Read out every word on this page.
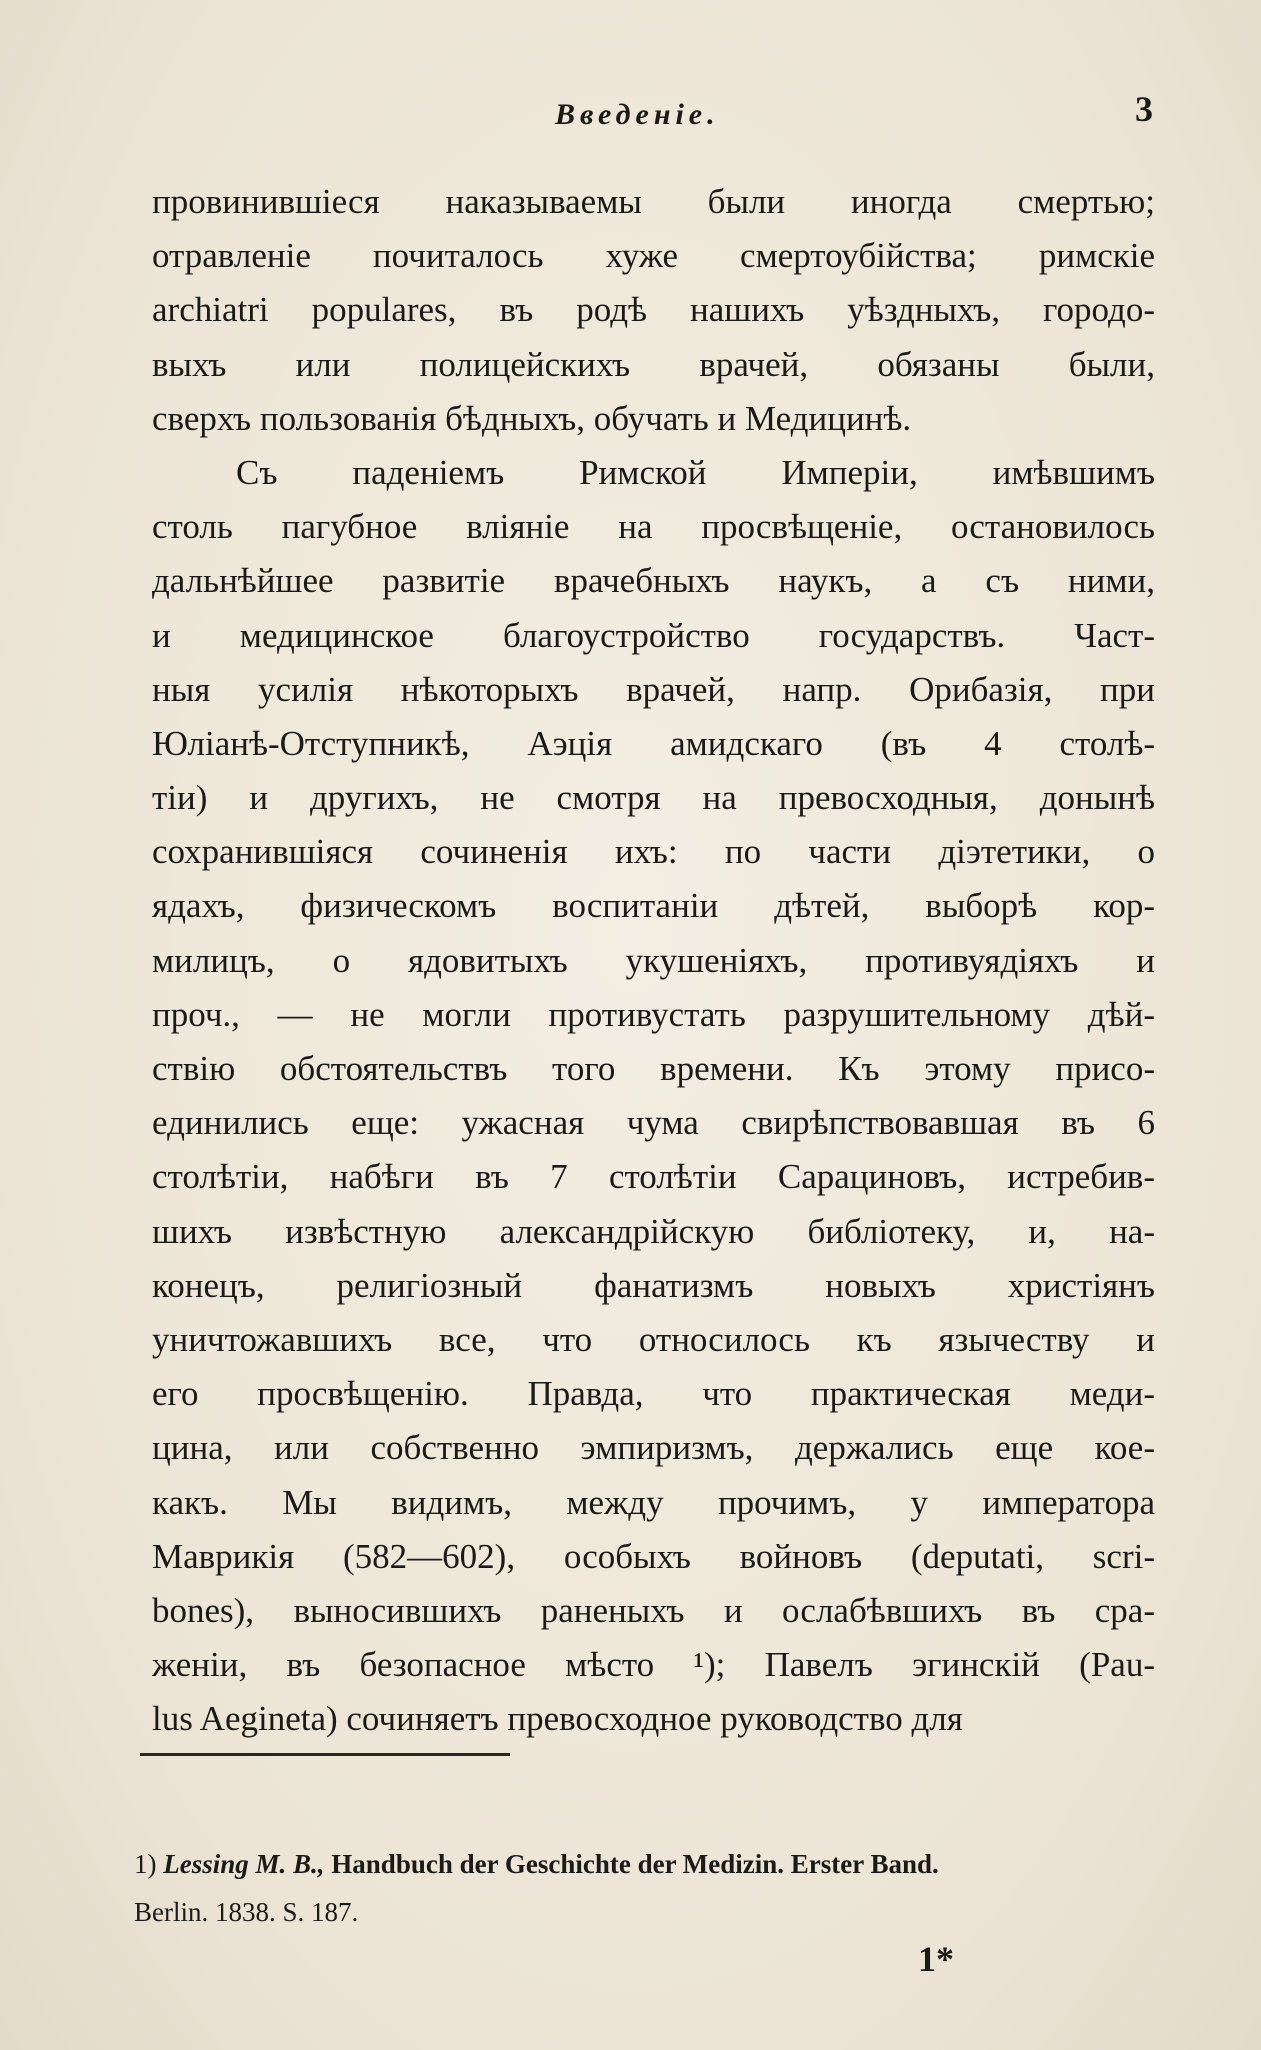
Введеніе.	3
провинившіеся наказываемы были иногда смертью;
отравленіе почиталось хуже смертоубійства; римскіе
archiatri populares, въ родѣ нашихъ уѣздныхъ, городо-
выхъ или полицейскихъ врачей, обязаны были,
сверхъ пользованія бѣдныхъ, обучать и Медицинѣ.
Съ паденіемъ Римской Имперіи, имѣвшимъ
столь пагубное вліяніе на просвѣщеніе, остановилось
дальнѣйшее развитіе врачебныхъ наукъ, а съ ними,
и медицинское благоустройство государствъ. Част-
ныя усилія нѣкоторыхъ врачей, напр. Орибазія, при
Юліанѣ-Отступникѣ, Аэція амидскаго (въ 4 столѣ-
тіи) и другихъ, не смотря на превосходныя, донынѣ
сохранившіяся сочиненія ихъ: по части діэтетики, о
ядахъ, физическомъ воспитаніи дѣтей, выборѣ кор-
милицъ, о ядовитыхъ укушеніяхъ, противуядіяхъ и
проч., — не могли противустать разрушительному дѣй-
ствію обстоятельствъ того времени. Къ этому присо-
единились еще: ужасная чума свирѣпствовавшая въ 6
столѣтіи, набѣги въ 7 столѣтіи Сарациновъ, истребив-
шихъ извѣстную александрійскую библіотеку, и, на-
конецъ, религіозный фанатизмъ новыхъ христіянъ
уничтожавшихъ все, что относилось къ язычеству и
его просвѣщенію. Правда, что практическая меди-
цина, или собственно эмпиризмъ, держались еще кое-
какъ. Мы видимъ, между прочимъ, у императора
Маврикія (582—602), особыхъ войновъ (deputati, scri-
bones), выносившихъ раненыхъ и ослабѣвшихъ въ сра-
женіи, въ безопасное мѣсто ¹); Павелъ эгинскій (Pau-
lus Aegineta) сочиняетъ превосходное руководство для
1) Lessing M. B., Handbuch der Geschichte der Medizin. Erster Band.
Berlin. 1838. S. 187.
1*
